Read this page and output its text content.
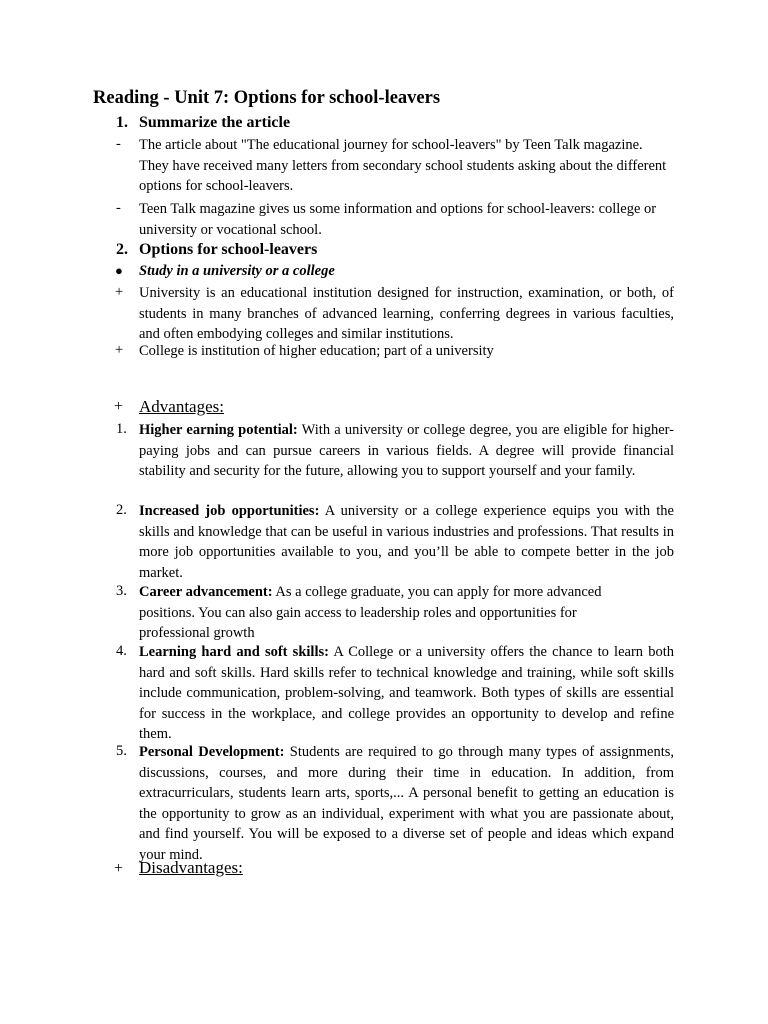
Reading - Unit 7: Options for school-leavers
1. Summarize the article
- The article about "The educational journey for school-leavers" by Teen Talk magazine. They have received many letters from secondary school students asking about the different options for school-leavers.
- Teen Talk magazine gives us some information and options for school-leavers: college or university or vocational school.
2. Options for school-leavers
● Study in a university or a college
+ University is an educational institution designed for instruction, examination, or both, of students in many branches of advanced learning, conferring degrees in various faculties, and often embodying colleges and similar institutions.
+ College is institution of higher education; part of a university
+ Advantages:
1. Higher earning potential: With a university or college degree, you are eligible for higher-paying jobs and can pursue careers in various fields. A degree will provide financial stability and security for the future, allowing you to support yourself and your family.
2. Increased job opportunities: A university or a college experience equips you with the skills and knowledge that can be useful in various industries and professions. That results in more job opportunities available to you, and you’ll be able to compete better in the job market.
3. Career advancement: As a college graduate, you can apply for more advanced positions. You can also gain access to leadership roles and opportunities for professional growth
4. Learning hard and soft skills: A College or a university offers the chance to learn both hard and soft skills. Hard skills refer to technical knowledge and training, while soft skills include communication, problem-solving, and teamwork. Both types of skills are essential for success in the workplace, and college provides an opportunity to develop and refine them.
5. Personal Development: Students are required to go through many types of assignments, discussions, courses, and more during their time in education. In addition, from extracurriculars, students learn arts, sports,... A personal benefit to getting an education is the opportunity to grow as an individual, experiment with what you are passionate about, and find yourself. You will be exposed to a diverse set of people and ideas which expand your mind.
+ Disadvantages:
